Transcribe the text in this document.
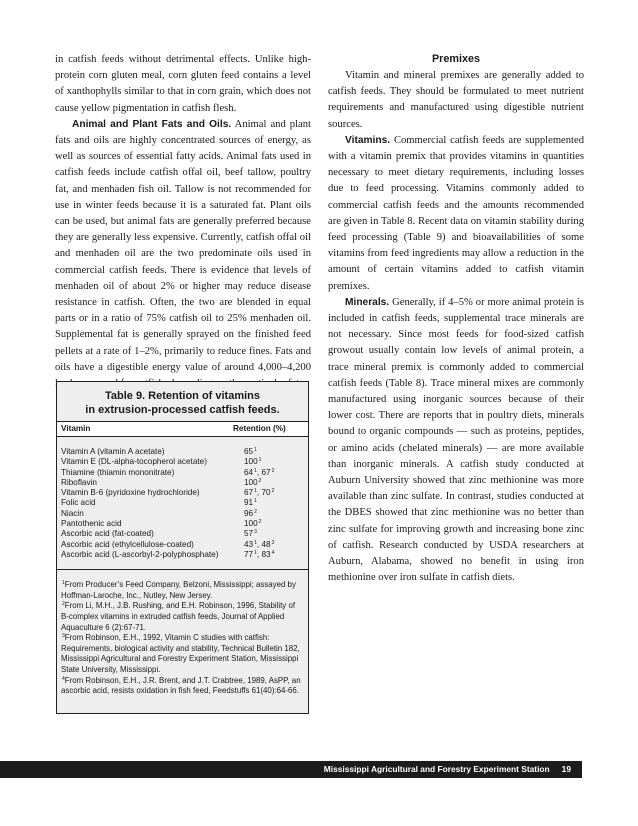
in catfish feeds without detrimental effects. Unlike high-protein corn gluten meal, corn gluten feed contains a level of xanthophylls similar to that in corn grain, which does not cause yellow pigmentation in catfish flesh.

Animal and Plant Fats and Oils. Animal and plant fats and oils are highly concentrated sources of energy, as well as sources of essential fatty acids. Animal fats used in catfish feeds include catfish offal oil, beef tallow, poultry fat, and menhaden fish oil. Tallow is not recommended for use in winter feeds because it is a saturated fat. Plant oils can be used, but animal fats are generally preferred because they are generally less expensive. Currently, catfish offal oil and menhaden oil are the two predominate oils used in commercial catfish feeds. There is evidence that levels of menhaden oil of about 2% or higher may reduce disease resistance in catfish. Often, the two are blended in equal parts or in a ratio of 75% catfish oil to 25% menhaden oil. Supplemental fat is generally sprayed on the finished feed pellets at a rate of 1–2%, primarily to reduce fines. Fats and oils have a digestible energy value of around 4,000–4,200

Premixes

Vitamin and mineral premixes are generally added to catfish feeds. They should be formulated to meet nutrient requirements and manufactured using digestible nutrient sources.

Vitamins. Commercial catfish feeds are supplemented with a vitamin premix that provides vitamins in quantities necessary to meet dietary requirements, including losses due to feed processing. Vitamins commonly added to commercial catfish feeds and the amounts recommended are given in Table 8. Recent data on vitamin stability during feed processing (Table 9) and bioavailabilities of some vitamins from feed ingredients may allow a reduction in the amount of certain vitamins added to catfish vitamin premixes.

Minerals. Generally, if 4–5% or more animal protein is included in catfish feeds, supplemental trace minerals are not necessary. Since most feeds for food-sized catfish growout usually contain low levels of animal protein, a trace mineral premix is commonly added to commercial catfish feeds (Table 8). Trace mineral mixes are commonly manufactured using inorganic sources because of their lower cost. There are reports that in poultry diets, minerals bound to organic compounds — such as proteins, peptides, or amino acids (chelated minerals) — are more available than inorganic minerals. A catfish study conducted at Auburn University showed that zinc methionine was more available than zinc sulfate. In contrast, studies conducted at the DBES showed that zinc methionine was no better than zinc sulfate for improving growth and increasing bone zinc of catfish. Research conducted by USDA researchers at Auburn, Alabama, showed no benefit in using iron methionine over iron sulfate in catfish diets.

Table 9. Retention of vitamins
in extrusion-processed catfish feeds.

Vitamin	Retention (%)
Vitamin A (vitamin A acetate)	$65^1$
Vitamin E (DL-alpha-tocopherol acetate)	$100^1$
Thiamine (thiamin mononitrate)	$64^1$, $67^2$
Riboflavin	$100^2$
Vitamin B-6 (pyridoxine hydrochloride)	$67^1$, $70^2$
Folic acid	$91^1$
Niacin	$96^2$
Pantothenic acid	$100^2$
Ascorbic acid (fat-coated)	$57^3$
Ascorbic acid (ethylcellulose-coated)	$43^1$, $48^3$
Ascorbic acid (L-ascorbyl-2-polyphosphate)	$77^1$, $83^4$

$^1$From Producer’s Feed Company, Belzoni, Mississippi; assayed by Hoffman-Laroche, Inc., Nutley, New Jersey.

$^2$From Li, M.H., J.B. Rushing, and E.H. Robinson, 1996, Stability of B-complex vitamins in extruded catfish feeds, Journal of Applied Aquaculture 6 (2):67-71.

$^3$From Robinson, E.H., 1992, Vitamin C studies with catfish: Requirements, biological activity and stability, Technical Bulletin 182, Mississippi Agricultural and Forestry Experiment Station, Mississippi State University, Mississippi.

$^4$From Robinson, E.H., J.R. Brent, and J.T. Crabtree, 1989, AsPP, an ascorbic acid, resists oxidation in fish feed, Feedstuffs 61(40):64-66.

Mississippi Agricultural and Forestry Experiment Station 19
